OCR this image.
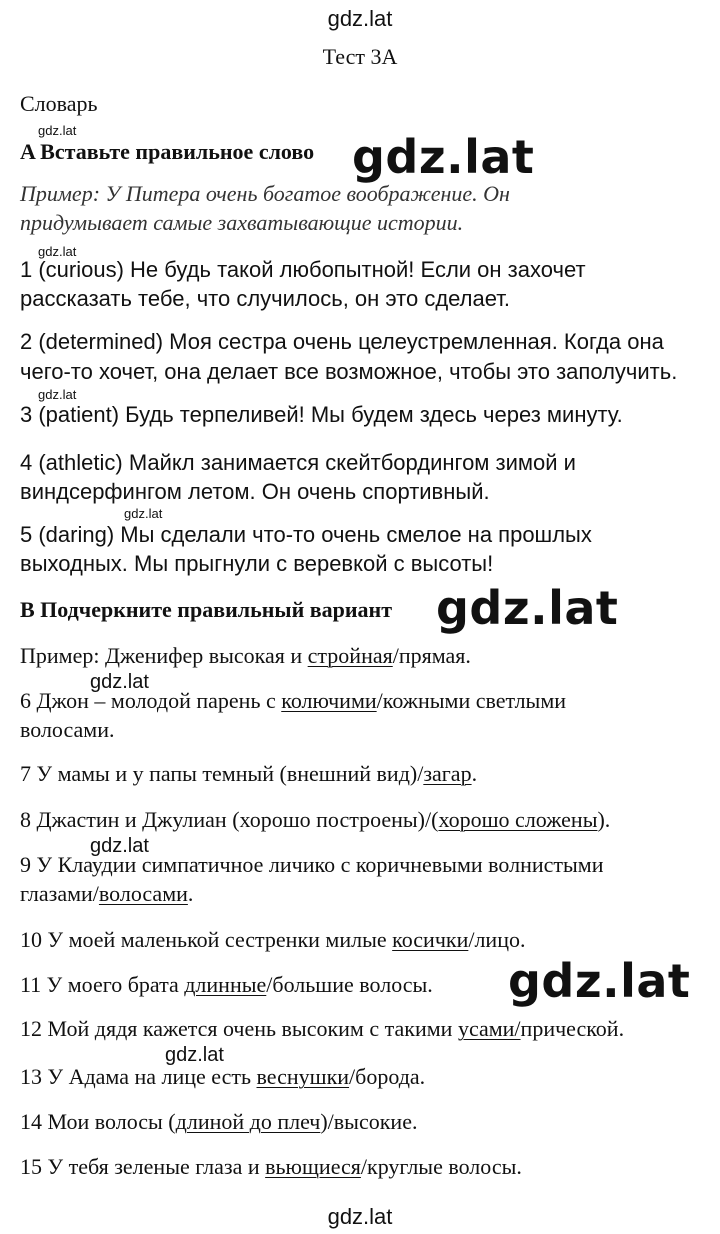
gdz.lat
Тест 3А
Словарь
gdz.lat
A Вставьте правильное слово gdz.lat
Пример: У Питера очень богатое воображение. Он
придумывает самые захватывающие истории.
gdz.lat
1 (curious) Не будь такой любопытной! Если он захочет
рассказать тебе, что случилось, он это сделает.
2 (determined) Моя сестра очень целеустремленная. Когда она
чего-то хочет, она делает все возможное, чтобы это заполучить.
gdz.lat
3 (patient) Будь терпеливей! Мы будем здесь через минуту.
4 (athletic) Майкл занимается скейтбордингом зимой и
виндсерфингом летом. Он очень спортивный.
gdz.lat
5 (daring) Мы сделали что-то очень смелое на прошлых
выходных. Мы прыгнули с веревкой с высоты!
B Подчеркните правильный вариант gdz.lat
Пример: Дженифер высокая и стройная/прямая.
gdz.lat
6 Джон – молодой парень с колючими/кожными светлыми
волосами.
7 У мамы и у папы темный (внешний вид)/загар.
8 Джастин и Джулиан (хорошо построены)/(хорошо сложены).
gdz.lat
9 У Клаудии симпатичное личико с коричневыми волнистыми
глазами/волосами.
10 У моей маленькой сестренки милые косички/лицо.
11 У моего брата длинные/большие волосы. gdz.lat
12 Мой дядя кажется очень высоким с такими усами/прической.
gdz.lat
13 У Адама на лице есть веснушки/борода.
14 Мои волосы (длиной до плеч)/высокие.
15 У тебя зеленые глаза и вьющиеся/круглые волосы.
gdz.lat
